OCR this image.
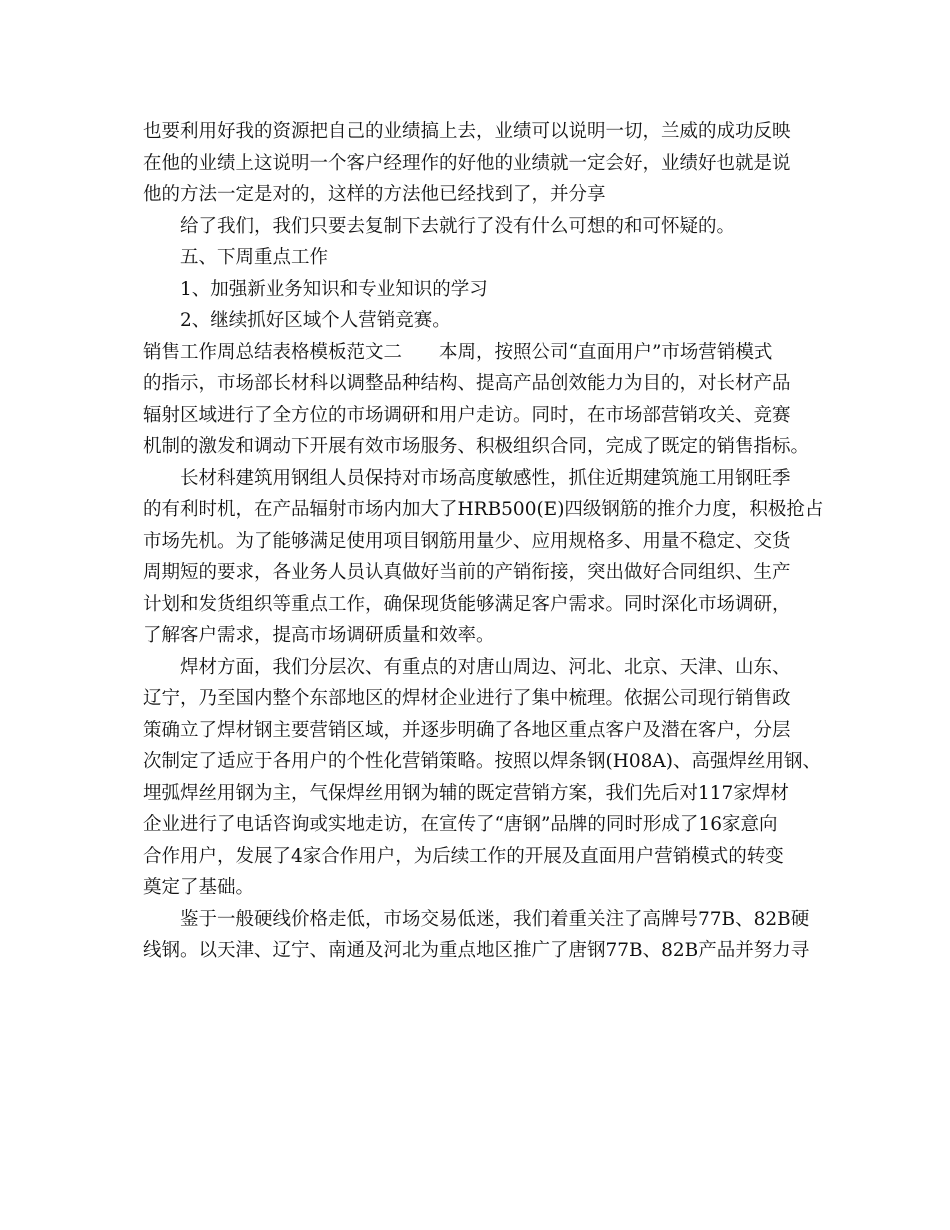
也要利用好我的资源把自己的业绩搞上去，业绩可以说明一切，兰威的成功反映
在他的业绩上这说明一个客户经理作的好他的业绩就一定会好，业绩好也就是说
他的方法一定是对的，这样的方法他已经找到了，并分享
给了我们，我们只要去复制下去就行了没有什么可想的和可怀疑的。
五、下周重点工作
1、加强新业务知识和专业知识的学习
2、继续抓好区域个人营销竞赛。
销售工作周总结表格模板范文二　　本周，按照公司“直面用户”市场营销模式
的指示，市场部长材科以调整品种结构、提高产品创效能力为目的，对长材产品
辐射区域进行了全方位的市场调研和用户走访。同时，在市场部营销攻关、竞赛
机制的激发和调动下开展有效市场服务、积极组织合同，完成了既定的销售指标。
长材科建筑用钢组人员保持对市场高度敏感性，抓住近期建筑施工用钢旺季
的有利时机，在产品辐射市场内加大了HRB500(E)四级钢筋的推介力度，积极抢占
市场先机。为了能够满足使用项目钢筋用量少、应用规格多、用量不稳定、交货
周期短的要求，各业务人员认真做好当前的产销衔接，突出做好合同组织、生产
计划和发货组织等重点工作，确保现货能够满足客户需求。同时深化市场调研，
了解客户需求，提高市场调研质量和效率。
焊材方面，我们分层次、有重点的对唐山周边、河北、北京、天津、山东、
辽宁，乃至国内整个东部地区的焊材企业进行了集中梳理。依据公司现行销售政
策确立了焊材钢主要营销区域，并逐步明确了各地区重点客户及潜在客户，分层
次制定了适应于各用户的个性化营销策略。按照以焊条钢(H08A)、高强焊丝用钢、
埋弧焊丝用钢为主，气保焊丝用钢为辅的既定营销方案，我们先后对117家焊材
企业进行了电话咨询或实地走访，在宣传了“唐钢”品牌的同时形成了16家意向
合作用户，发展了4家合作用户，为后续工作的开展及直面用户营销模式的转变
奠定了基础。
鉴于一般硬线价格走低，市场交易低迷，我们着重关注了高牌号77B、82B硬
线钢。以天津、辽宁、南通及河北为重点地区推广了唐钢77B、82B产品并努力寻
